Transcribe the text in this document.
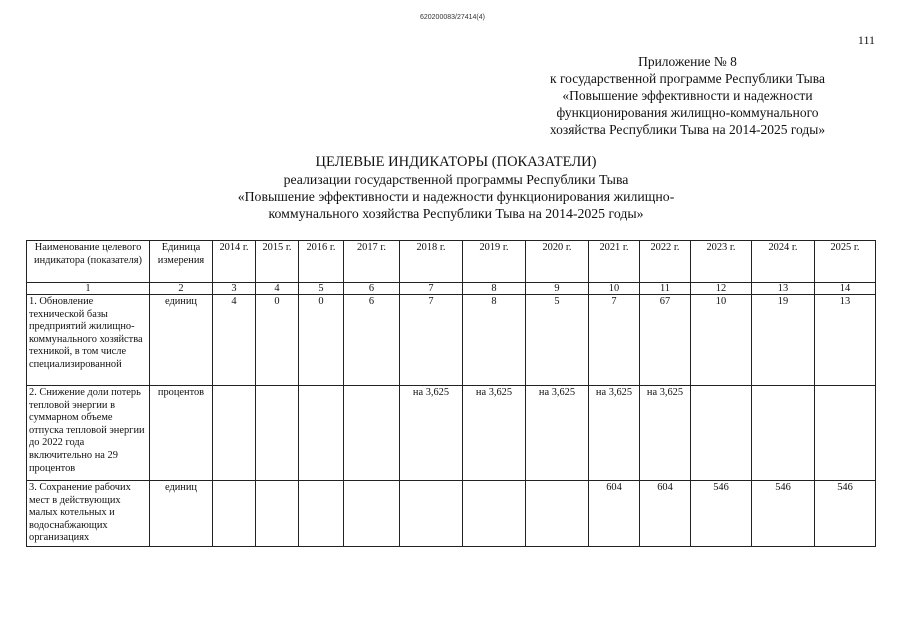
620200083/27414(4)
111
Приложение № 8
к государственной программе Республики Тыва
«Повышение эффективности и надежности
функционирования жилищно-коммунального
хозяйства Республики Тыва на 2014-2025 годы»
ЦЕЛЕВЫЕ ИНДИКАТОРЫ (ПОКАЗАТЕЛИ)
реализации государственной программы Республики Тыва
«Повышение эффективности и надежности функционирования жилищно-
коммунального хозяйства Республики Тыва на 2014-2025 годы»
Наименование целевого индикатора (показателя)	Единица измерения	2014 г.	2015 г.	2016 г.	2017 г.	2018 г.	2019 г.	2020 г.	2021 г.	2022 г.	2023 г.	2024 г.	2025 г.
1	2	3	4	5	6	7	8	9	10	11	12	13	14
1. Обновление технической базы предприятий жилищно-коммунального хозяйства техникой, в том числе специализированной	единиц	4	0	0	6	7	8	5	7	67	10	19	13
2. Снижение доли потерь тепловой энергии в суммарном объеме отпуска тепловой энергии до 2022 года включительно на 29 процентов	процентов					на 3,625	на 3,625	на 3,625	на 3,625	на 3,625			
3. Сохранение рабочих мест в действующих малых котельных и водоснабжающих организациях	единиц								604	604	546	546	546
